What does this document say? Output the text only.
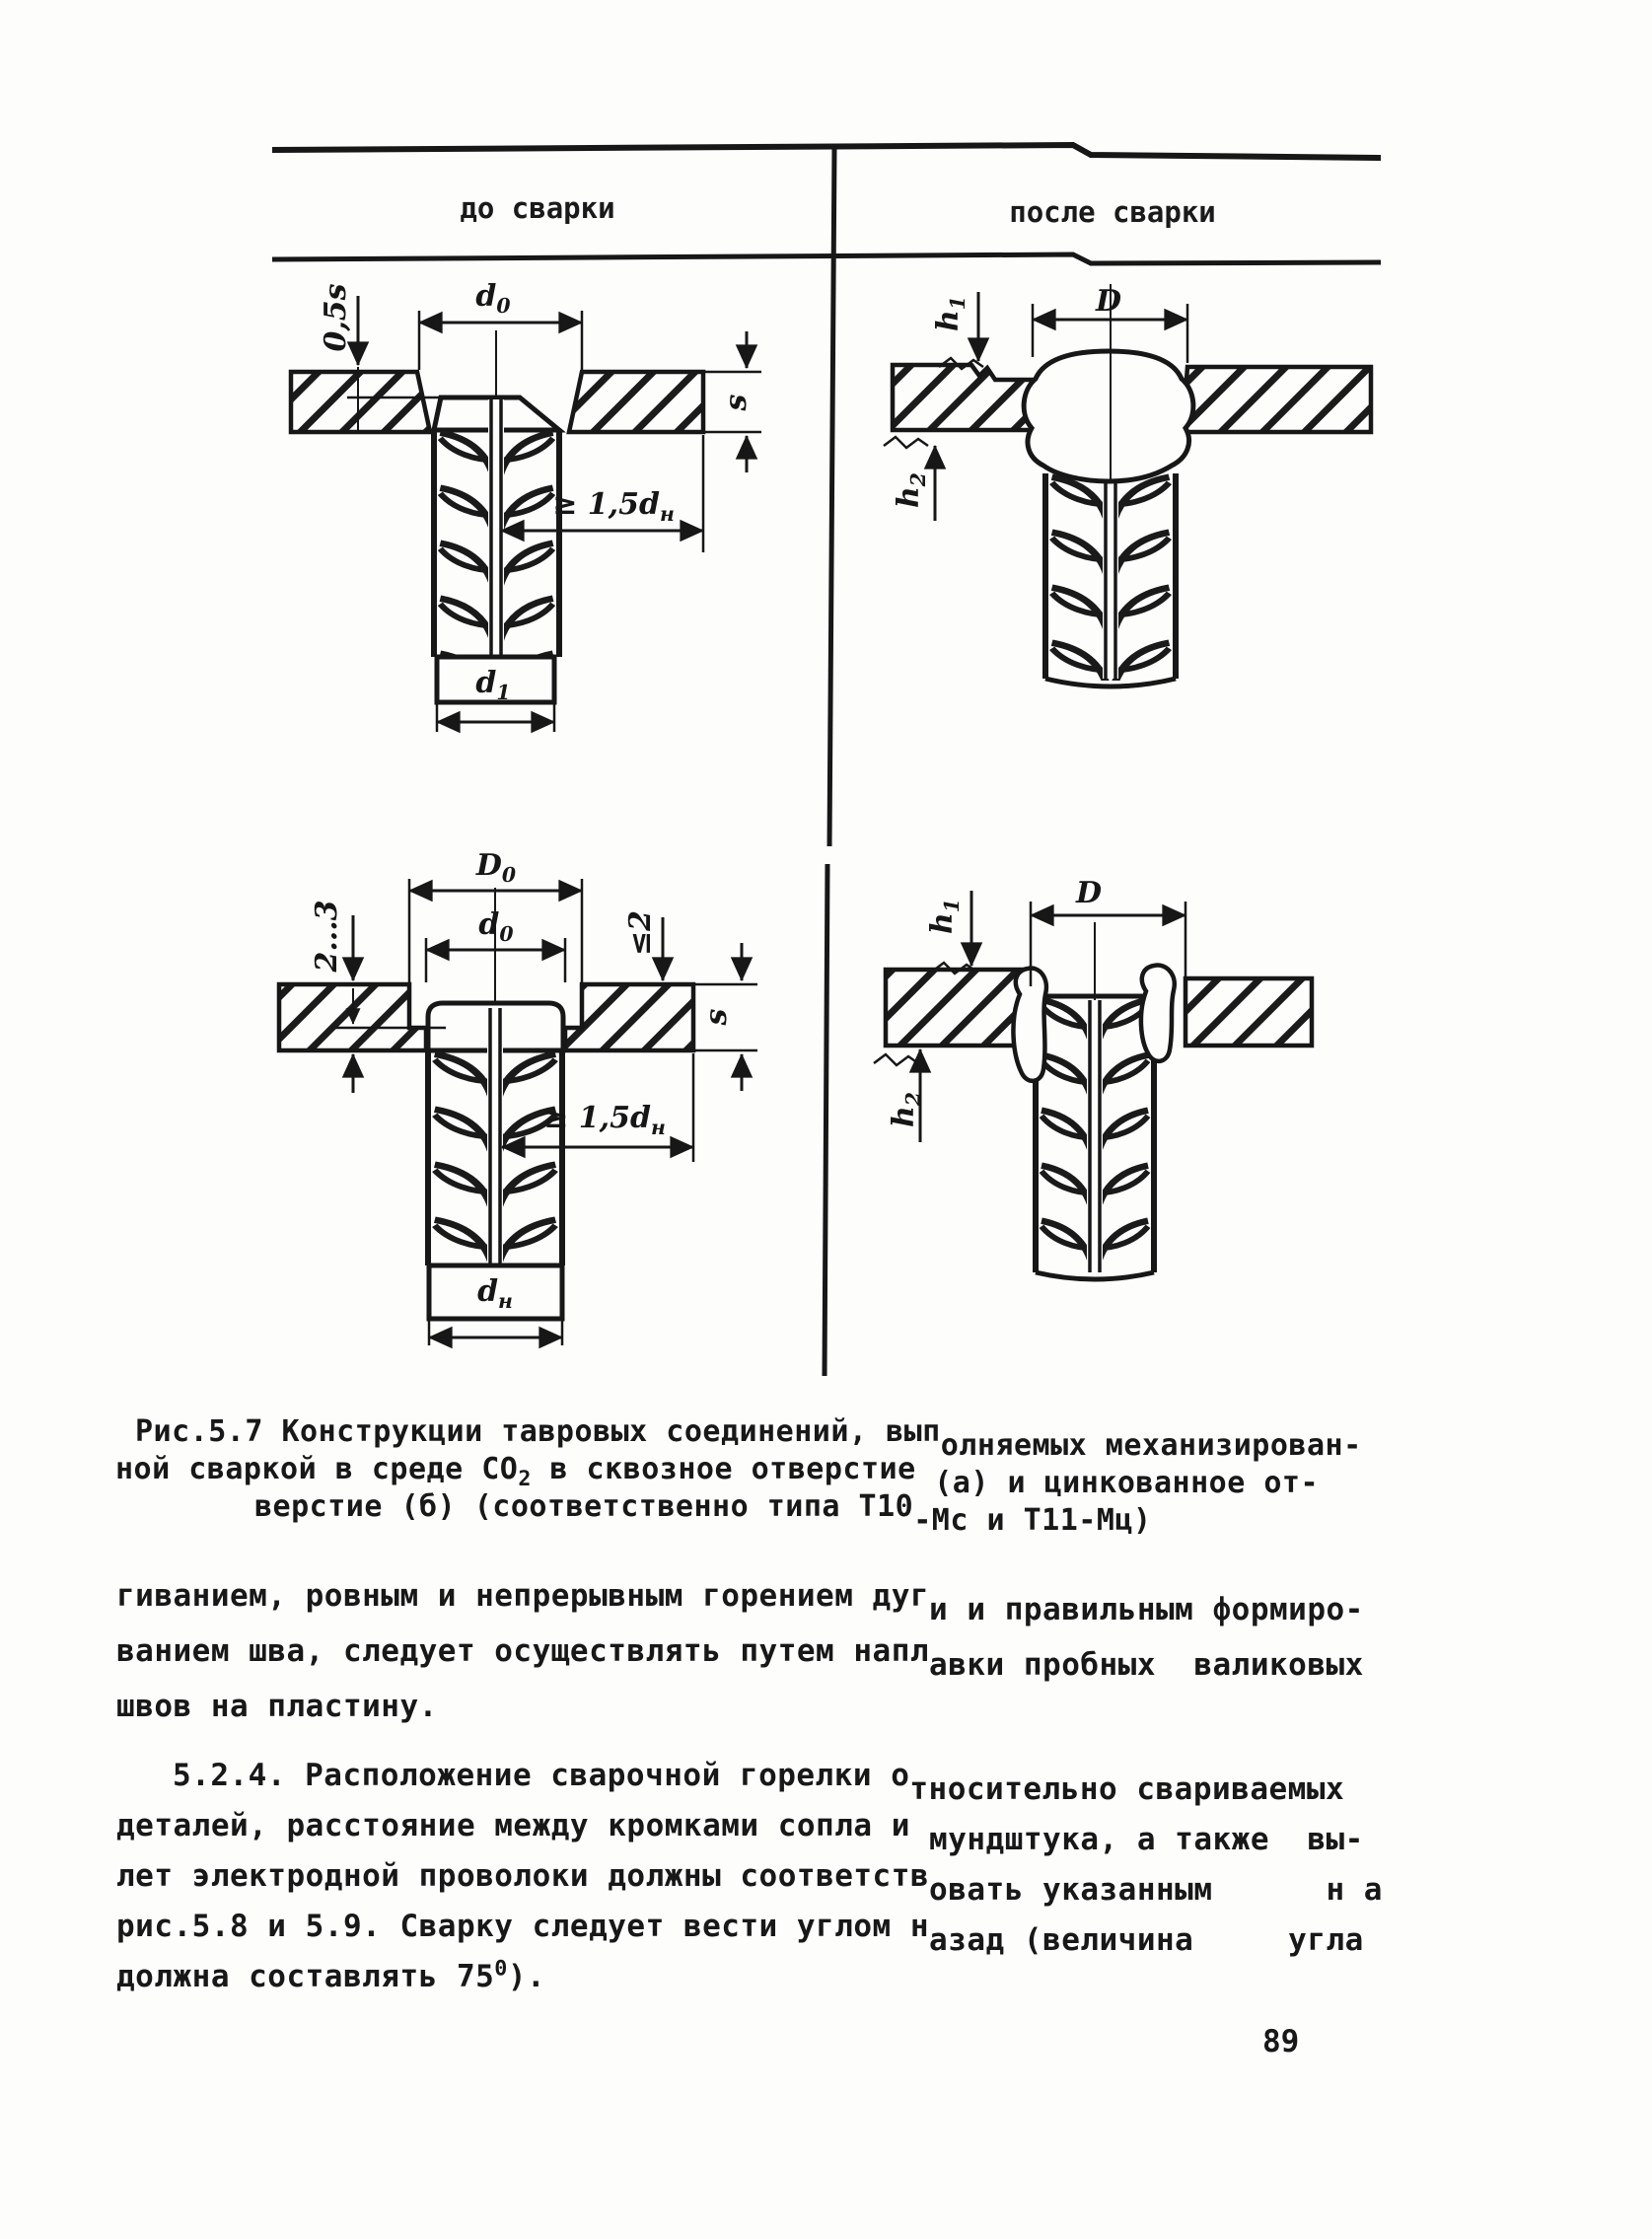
до сварки	после сварки
$d_0$
0,5s
s
≥ $1,5d_н$
$d_1$
$h_1$	D
$h_2$
$D_0$
$d_0$
2...3	≤2
s
≥ $1,5d_н$
$d_н$
$h_1$	D
$h_2$
Рис.5.7 Конструкции тавровых соединений, выполняемых механизирован-
ной сваркой в среде $СО_2$ в сквозное отверстие (а) и цинкованное от-
верстие (б) (соответственно типа Т10-Мс и Т11-Мц)
гиванием, ровным и непрерывным горением дуги и правильным формиро-
ванием шва, следует осуществлять путем наплавки пробных  валиковых
швов на пластину.
5.2.4. Расположение сварочной горелки относительно свариваемых
деталей, расстояние между кромками сопла и мундштука, а также  вы-
лет электродной проволоки должны соответствовать указанным      н а
рис.5.8 и 5.9. Сварку следует вести углом назад (величина     угла
должна составлять $75^0$).
89
